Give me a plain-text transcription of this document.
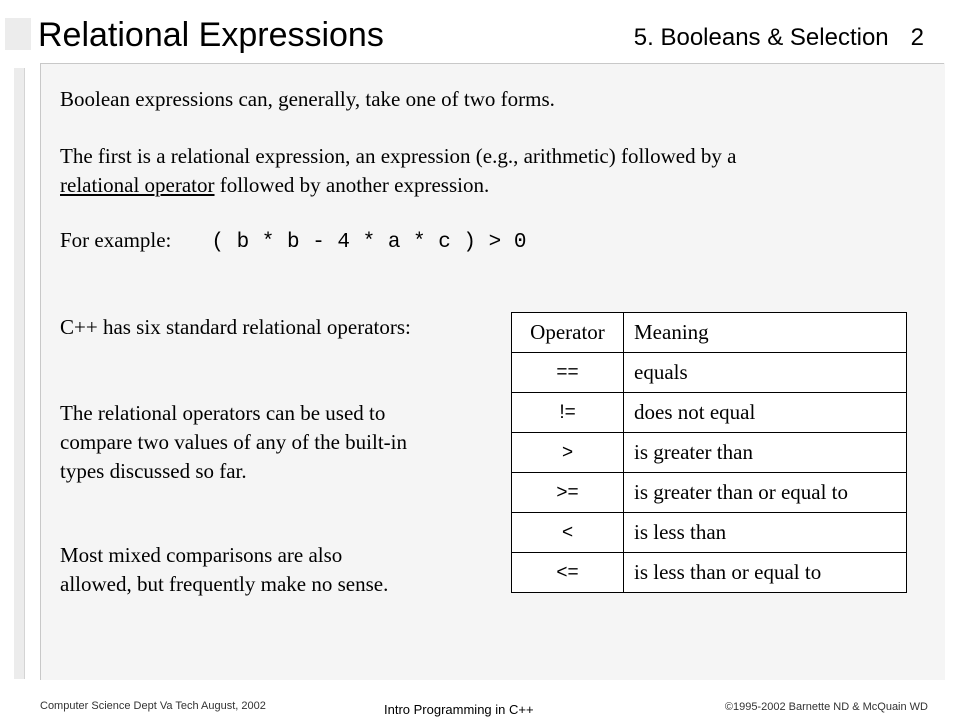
Relational Expressions	5. Booleans & Selection 2
Boolean expressions can, generally, take one of two forms.
The first is a relational expression, an expression (e.g., arithmetic) followed by a
relational operator followed by another expression.
For example: ( b * b - 4 * a * c ) > 0
C++ has six standard relational operators:
The relational operators can be used to
compare two values of any of the built-in
types discussed so far.
Most mixed comparisons are also
allowed, but frequently make no sense.
Operator	Meaning
==	equals
!=	does not equal
>	is greater than
>=	is greater than or equal to
<	is less than
<=	is less than or equal to
Computer Science Dept Va Tech August, 2002	Intro Programming in C++	©1995-2002 Barnette ND & McQuain WD
